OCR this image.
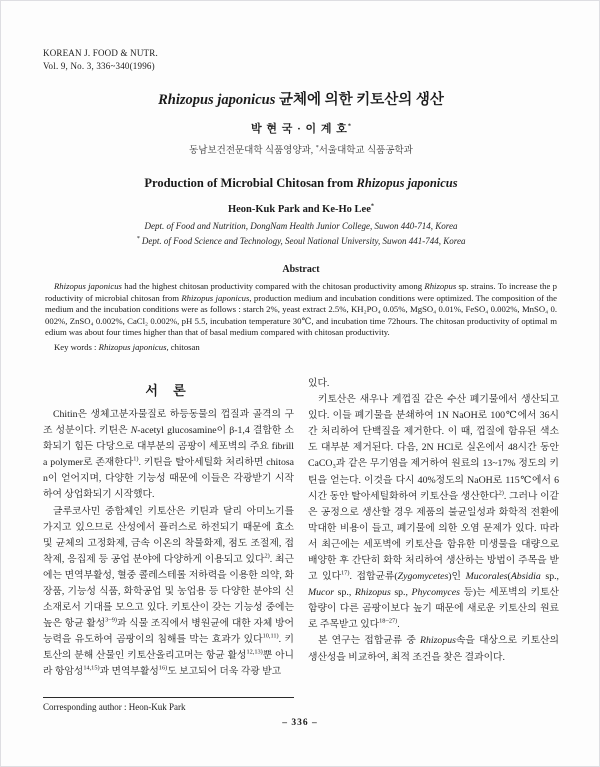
KOREAN J. FOOD & NUTR.
Vol. 9, No. 3, 336~340(1996)
Rhizopus japonicus 균체에 의한 키토산의 생산
박 현 국 · 이 계 호*
동남보건전문대학 식품영양과, *서울대학교 식품공학과
Production of Microbial Chitosan from Rhizopus japonicus
Heon-Kuk Park and Ke-Ho Lee*
Dept. of Food and Nutrition, DongNam Health Junior College, Suwon 440-714, Korea
* Dept. of Food Science and Technology, Seoul National University, Suwon 441-744, Korea
Abstract

Rhizopus japonicus had the highest chitosan productivity compared with the chitosan productivity among Rhizopus sp. strains. To increase the productivity of microbial chitosan from Rhizopus japonicus, production medium and incubation conditions were optimized. The composition of the medium and the incubation conditions were as follows : starch 2%, yeast extract 2.5%, KH₂PO₄ 0.05%, MgSO₄ 0.01%, FeSO₄ 0.002%, MnSO₄ 0.002%, ZnSO₄ 0.002%, CaCl₂ 0.002%, pH 5.5, incubation temperature 30℃, and incubation time 72hours. The chitosan productivity of optimal medium was about four times higher than that of basal medium compared with chitosan productivity.

Key words : Rhizopus japonicus, chitosan

서 론

Chitin은 생체고분자물질로 하등동물의 껍질과 골격의 구조 성분이다. 키틴은 N-acetyl glucosamine이 β-1,4 결합한 소화되기 힘든 다당으로 대부분의 곰팡이 세포벽의 주요 fibrilla polymer로 존재한다$^{1)}$. 키틴을 탈아세틸화 처리하면 chitosan이 얻어지며, 다양한 기능성 때문에 이들은 각광받기 시작하여 상업화되기 시작했다.

글루코사민 중합체인 키토산은 키틴과 달리 아미노기를 가지고 있으므로 산성에서 플러스로 하전되기 때문에 효소 및 균체의 고정화제, 금속 이온의 착물화제, 점도 조절제, 접착제, 응집제 등 공업 분야에 다양하게 이용되고 있다$^{2)}$. 최근에는 면역부활성, 혈중 콜레스테롤 저하력을 이용한 의약, 화장품, 기능성 식품, 화학공업 및 농업용 등 다양한 분야의 신소재로서 기대를 모으고 있다. 키토산이 갖는 기능성 중에는 높은 항균 활성$^{3\sim 9)}$과 식물 조직에서 병원균에 대한 자체 방어 능력을 유도하여 곰팡이의 침해를 막는 효과가 있다$^{10,11)}$. 키토산의 분해 산물인 키토산올리고머는 항균 활성$^{12,13)}$뿐 아니라 항암성$^{14,15)}$과 면역부활성$^{16)}$도 보고되어 더욱 각광 받고

Corresponding author : Heon-Kuk Park

있다.

키토산은 새우나 게껍질 같은 수산 폐기물에서 생산되고 있다. 이들 폐기물을 분쇄하여 1N NaOH로 100℃에서 36시간 처리하여 단백질을 제거한다. 이 때, 껍질에 함유된 색소도 대부분 제거된다. 다음, 2N HCl로 실온에서 48시간 동안 CaCO₃과 같은 무기염을 제거하여 원료의 13~17% 정도의 키틴을 얻는다. 이것을 다시 40%정도의 NaOH로 115℃에서 6시간 동안 탈아세틸화하여 키토산을 생산한다$^{2)}$. 그러나 이같은 공정으로 생산할 경우 제품의 불균일성과 화학적 전환에 막대한 비용이 들고, 폐기물에 의한 오염 문제가 있다. 따라서 최근에는 세포벽에 키토산을 함유한 미생물을 대량으로 배양한 후 간단히 화학 처리하여 생산하는 방법이 주목을 받고 있다$^{17)}$. 접합균류(Zygomycetes)인 Mucorales(Absidia sp., Mucor sp., Rhizopus sp., Phycomyces 등)는 세포벽의 키토산 함량이 다른 곰팡이보다 높기 때문에 새로운 키토산의 원료로 주목받고 있다$^{18\sim 27)}$.

본 연구는 접합균류 중 Rhizopus속을 대상으로 키토산의 생산성을 비교하여, 최적 조건을 찾은 결과이다.

– 336 –
